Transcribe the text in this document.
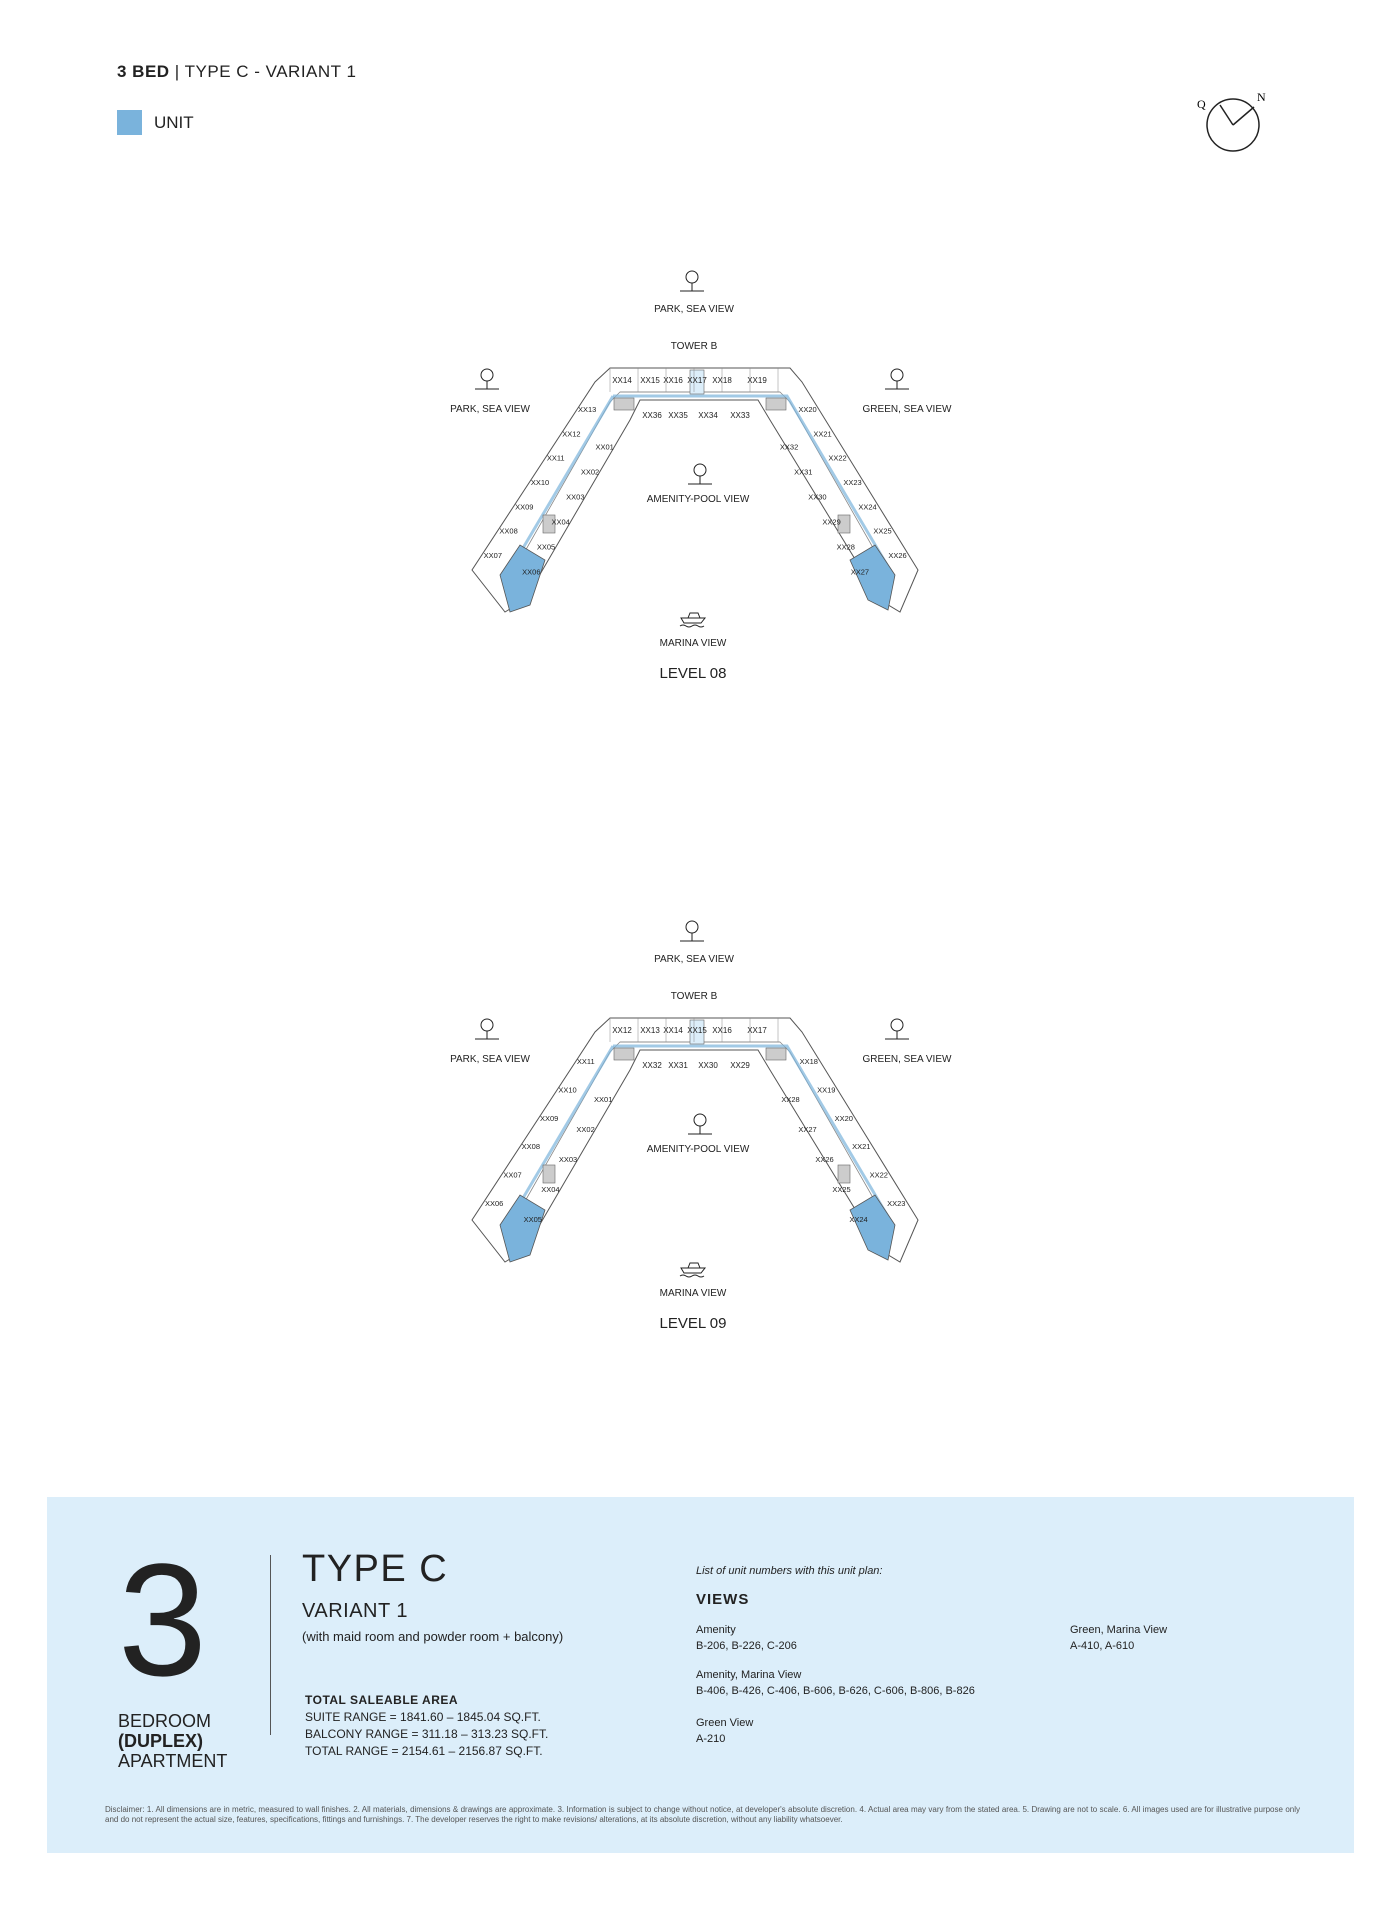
3 BED | TYPE C - VARIANT 1
UNIT
Q	N
XX14 XX15 XX16 XX17 XX18 XX19
XX36 XX35 XX34 XX33
XX13
XX12
XX11
XX10
XX09
XX08
XX07
XX01
XX02
XX03
XX04
XX05
XX06
XX20
XX21
XX22
XX23
XX24
XX25
XX26
XX32
XX31
XX30
XX29
XX28
XX27
PARK, SEA VIEW
TOWER B
PARK, SEA VIEW	GREEN, SEA VIEW
AMENITY-POOL VIEW
MARINA VIEW
LEVEL 08
XX12 XX13 XX14 XX15 XX16 XX17
XX32 XX31 XX30 XX29
XX11
XX10
XX09
XX08
XX07
XX06
XX01
XX02
XX03
XX04
XX05
XX18
XX19
XX20
XX21
XX22
XX23
XX28
XX27
XX26
XX25
XX24
PARK, SEA VIEW
TOWER B
PARK, SEA VIEW	GREEN, SEA VIEW
AMENITY-POOL VIEW
MARINA VIEW
LEVEL 09
3
BEDROOM
(DUPLEX)
APARTMENT
TYPE C
VARIANT 1
(with maid room and powder room + balcony)
TOTAL SALEABLE AREA
SUITE RANGE = 1841.60 – 1845.04 SQ.FT.
BALCONY RANGE = 311.18 – 313.23 SQ.FT.
TOTAL RANGE = 2154.61 – 2156.87 SQ.FT.
List of unit numbers with this unit plan:
VIEWS
Amenity
B-206, B-226, C-206
Amenity, Marina View
B-406, B-426, C-406, B-606, B-626, C-606, B-806, B-826
Green View
A-210
Green, Marina View
A-410, A-610
Disclaimer: 1. All dimensions are in metric, measured to wall finishes. 2. All materials, dimensions & drawings are approximate. 3. Information is subject to change without notice, at developer's absolute discretion. 4. Actual area may vary from the stated area. 5. Drawing are not to scale. 6. All images used are for illustrative purpose only and do not represent the actual size, features, specifications, fittings and furnishings. 7. The developer reserves the right to make revisions/ alterations, at its absolute discretion, without any liability whatsoever.
